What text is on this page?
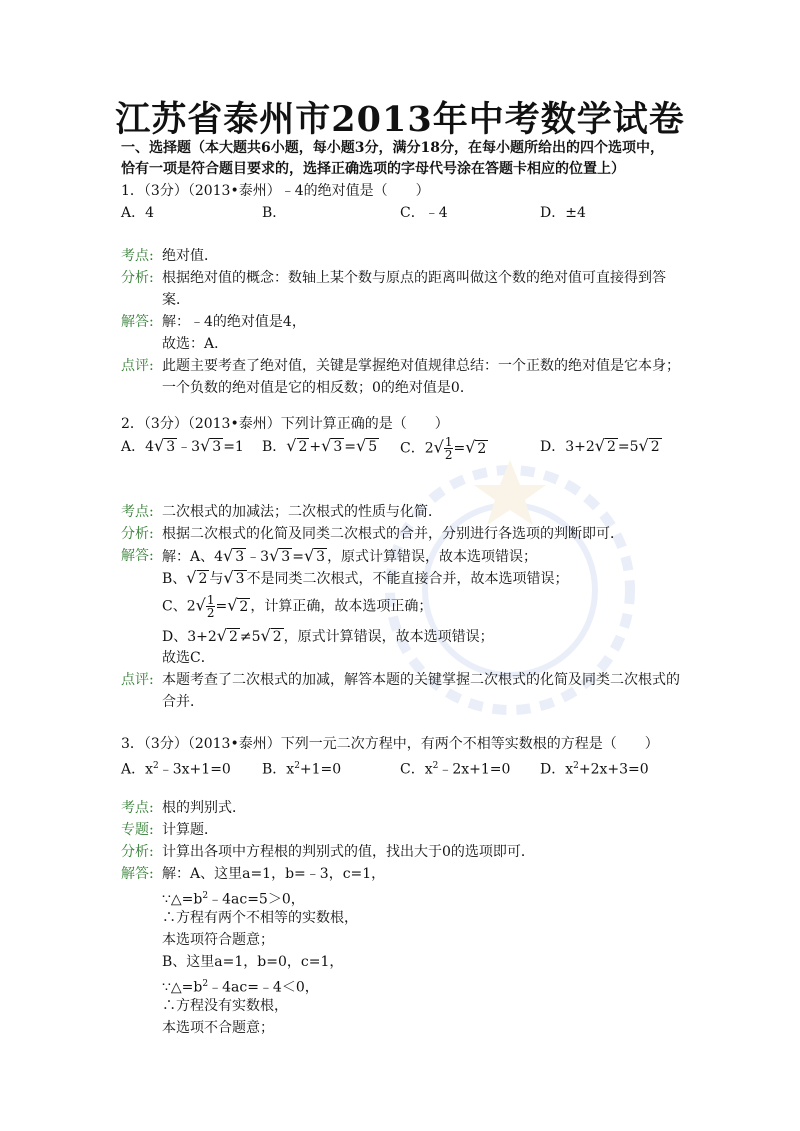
江苏省泰州市2013年中考数学试卷
一、选择题（本大题共6小题，每小题3分，满分18分，在每小题所给出的四个选项中，
恰有一项是符合题目要求的，选择正确选项的字母代号涂在答题卡相应的位置上）
1．（3分）（2013•泰州）﹣4的绝对值是（　　）
A．4	B．	C．﹣4	D．±4
考点: 绝对值．
分析: 根据绝对值的概念：数轴上某个数与原点的距离叫做这个数的绝对值可直接得到答
案．
解答: 解：﹣4的绝对值是4，
故选：A．
点评: 此题主要考查了绝对值，关键是掌握绝对值规律总结：一个正数的绝对值是它本身；
一个负数的绝对值是它的相反数；0的绝对值是0．
2．（3分）（2013•泰州）下列计算正确的是（　　）
A．4√ 3 ﹣3√ 3 =1 B．√ 2 +√ 3 =√ 5 C．$2√ \frac{1}{2}$ =√ 2	D．3+2√ 2 =5√ 2
考点: 二次根式的加减法；二次根式的性质与化简．
分析: 根据二次根式的化简及同类二次根式的合并，分别进行各选项的判断即可．
解答: 解：A、4√ 3 ﹣3√ 3 =√ 3 ，原式计算错误，故本选项错误；
B、√ 2 与√ 3 不是同类二次根式，不能直接合并，故本选项错误；
C、$2√ \frac{1}{2}$ =√ 2 ，计算正确，故本选项正确；
D、3+2√ 2 ≠5√ 2 ，原式计算错误，故本选项错误；
故选C．
点评: 本题考查了二次根式的加减，解答本题的关键掌握二次根式的化简及同类二次根式的
合并．
3．（3分）（2013•泰州）下列一元二次方程中，有两个不相等实数根的方程是（　　）
A．$x^2﹣3x+1=0$ B．$x^2+1=0$	C．$x^2﹣2x+1=0$ D．$x^2+2x+3=0$
考点: 根的判别式．
专题: 计算题．
分析: 计算出各项中方程根的判别式的值，找出大于0的选项即可．
解答: 解：A、这里a=1，b=﹣3，c=1，
$\because\triangle=b^2﹣4ac=5>0$，
∴方程有两个不相等的实数根，
本选项符合题意；
B、这里a=1，b=0，c=1，
$\because\triangle=b^2﹣4ac=﹣4<0$，
∴方程没有实数根，
本选项不合题意；
